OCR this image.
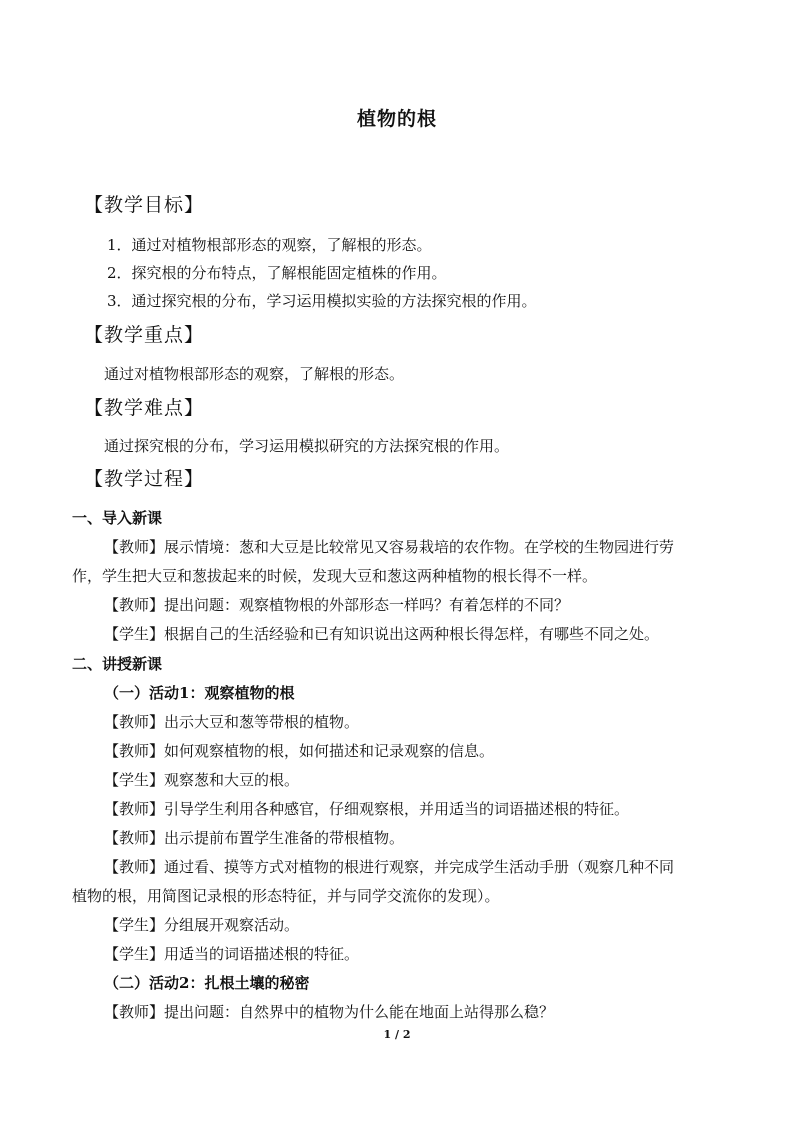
植物的根
【教学目标】
1．通过对植物根部形态的观察，了解根的形态。
2．探究根的分布特点，了解根能固定植株的作用。
3．通过探究根的分布，学习运用模拟实验的方法探究根的作用。
【教学重点】
通过对植物根部形态的观察，了解根的形态。
【教学难点】
通过探究根的分布，学习运用模拟研究的方法探究根的作用。
【教学过程】
一、导入新课
【教师】展示情境：葱和大豆是比较常见又容易栽培的农作物。在学校的生物园进行劳
作，学生把大豆和葱拔起来的时候，发现大豆和葱这两种植物的根长得不一样。
【教师】提出问题：观察植物根的外部形态一样吗？有着怎样的不同？
【学生】根据自己的生活经验和已有知识说出这两种根长得怎样，有哪些不同之处。
二、讲授新课
（一）活动1：观察植物的根
【教师】出示大豆和葱等带根的植物。
【教师】如何观察植物的根，如何描述和记录观察的信息。
【学生】观察葱和大豆的根。
【教师】引导学生利用各种感官，仔细观察根，并用适当的词语描述根的特征。
【教师】出示提前布置学生准备的带根植物。
【教师】通过看、摸等方式对植物的根进行观察，并完成学生活动手册（观察几种不同
植物的根，用简图记录根的形态特征，并与同学交流你的发现）。
【学生】分组展开观察活动。
【学生】用适当的词语描述根的特征。
（二）活动2：扎根土壤的秘密
【教师】提出问题：自然界中的植物为什么能在地面上站得那么稳？
1 / 2
